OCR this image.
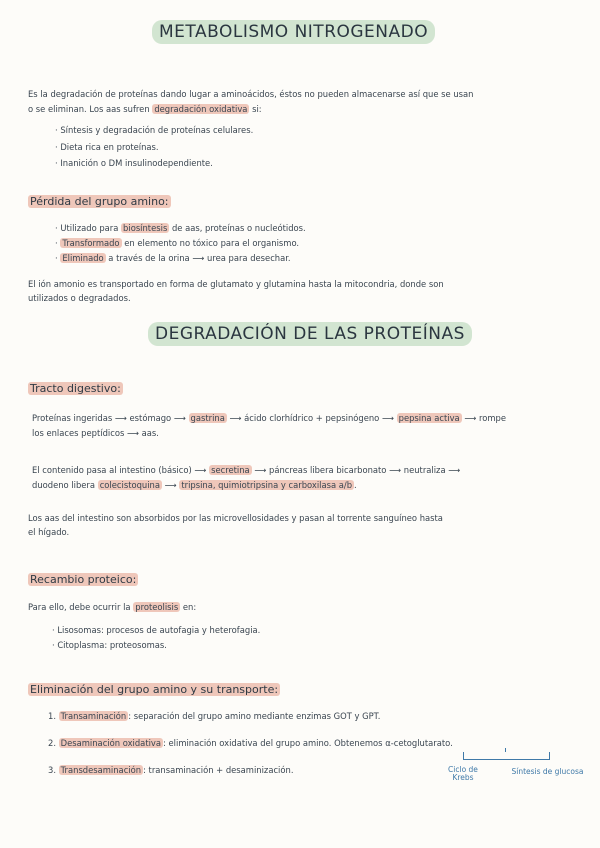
METABOLISMO NITROGENADO
Es la degradación de proteínas dando lugar a aminoácidos, éstos no pueden almacenarse así que se usan
o se eliminan. Los aas sufren degradación oxidativa si:
· Síntesis y degradación de proteínas celulares.
· Dieta rica en proteínas.
· Inanición o DM insulinodependiente.
Pérdida del grupo amino:
· Utilizado para biosíntesis de aas, proteínas o nucleótidos.
· Transformado en elemento no tóxico para el organismo.
· Eliminado a través de la orina ⟶ urea para desechar.
El ión amonio es transportado en forma de glutamato y glutamina hasta la mitocondria, donde son
utilizados o degradados.
DEGRADACIÓN DE LAS PROTEÍNAS
Tracto digestivo:
Proteínas ingeridas ⟶ estómago ⟶ gastrina ⟶ ácido clorhídrico + pepsinógeno ⟶ pepsina activa ⟶ rompe
los enlaces peptídicos ⟶ aas.
El contenido pasa al intestino (básico) ⟶ secretina ⟶ páncreas libera bicarbonato ⟶ neutraliza ⟶
duodeno libera colecistoquina ⟶ tripsina, quimiotripsina y carboxilasa a/b .
Los aas del intestino son absorbidos por las microvellosidades y pasan al torrente sanguíneo hasta
el hígado.
Recambio proteico:
Para ello, debe ocurrir la proteolisis en:
· Lisosomas: procesos de autofagia y heterofagia.
· Citoplasma: proteosomas.
Eliminación del grupo amino y su transporte:
1. Transaminación : separación del grupo amino mediante enzimas GOT y GPT.
2. Desaminación oxidativa : eliminación oxidativa del grupo amino. Obtenemos α-cetoglutarato.
3. Transdesaminación : transaminación + desaminización.	Ciclo de Krebs
Síntesis de glucosa
